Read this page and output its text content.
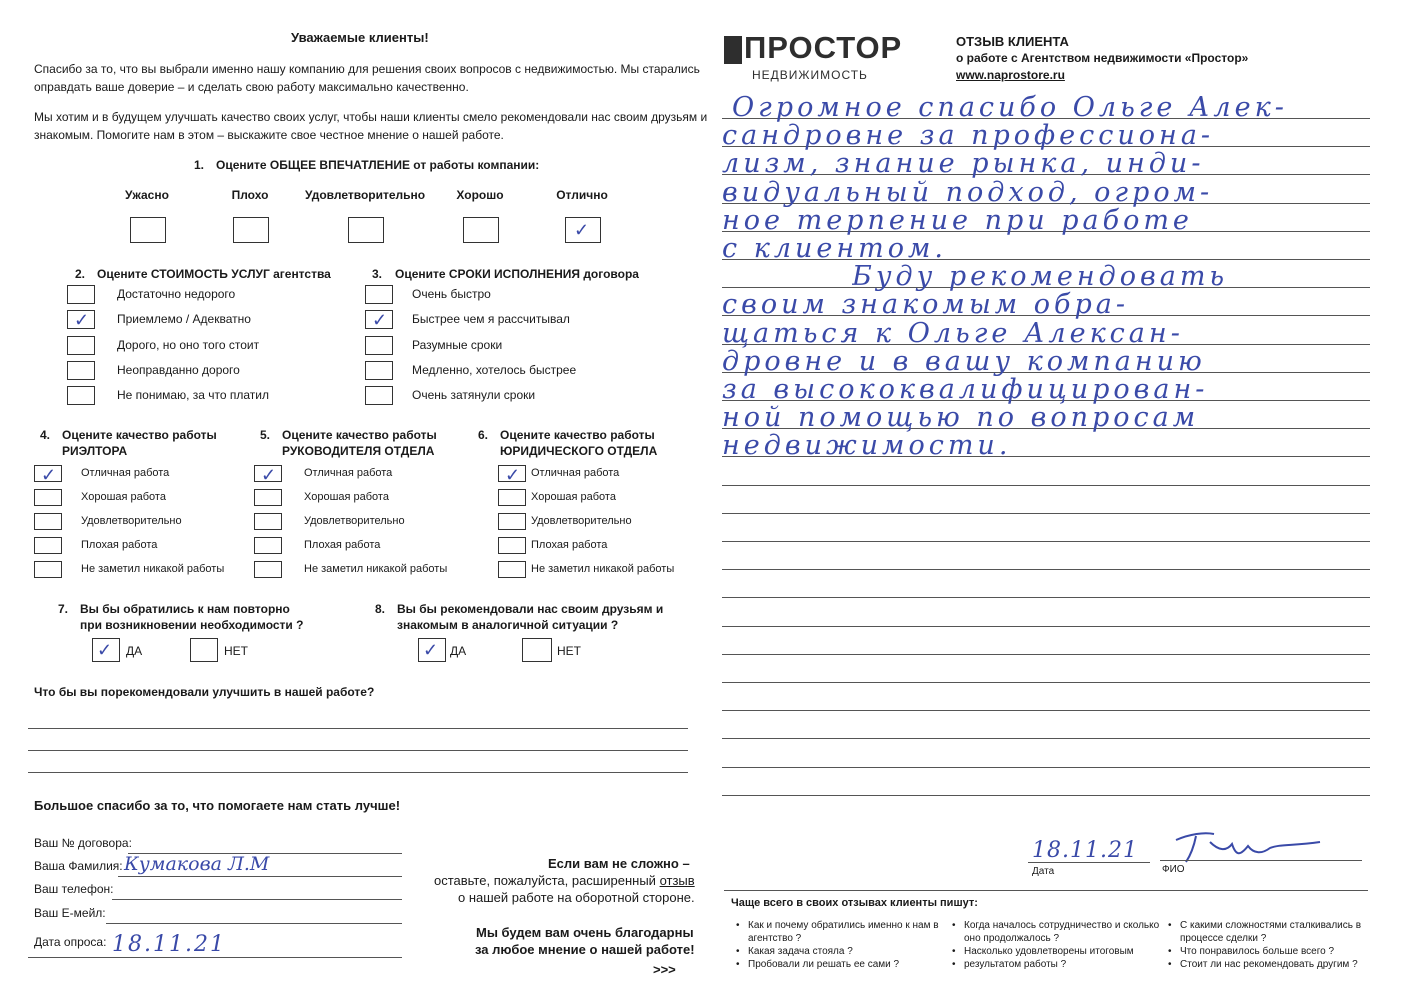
Уважаемые клиенты!
Спасибо за то, что вы выбрали именно нашу компанию для решения своих вопросов с недвижимостью. Мы старались
оправдать ваше доверие – и сделать свою работу максимально качественно.
Мы хотим и в будущем улучшать качество своих услуг, чтобы наши клиенты смело рекомендовали нас своим друзьям и
знакомым. Помогите нам в этом – выскажите свое честное мнение о нашей работе.
1. Оцените ОБЩЕЕ ВПЕЧАТЛЕНИЕ от работы компании:
Ужасно	Плохо	Удовлетворительно	Хорошо	Отлично
✓
2. Оцените СТОИМОСТЬ УСЛУГ агентства
Достаточно недорого
✓ Приемлемо / Адекватно
Дорого, но оно того стоит
Неоправданно дорого
Не понимаю, за что платил
3. Оцените СРОКИ ИСПОЛНЕНИЯ договора
Очень быстро
✓ Быстрее чем я рассчитывал
Разумные сроки
Медленно, хотелось быстрее
Очень затянули сроки
4. Оцените качество работы
РИЭЛТОРА
✓ Отличная работа
Хорошая работа
Удовлетворительно
Плохая работа
Не заметил никакой работы
5. Оцените качество работы
РУКОВОДИТЕЛЯ ОТДЕЛА
✓	Отличная работа
Хорошая работа
Удовлетворительно
Плохая работа
Не заметил никакой работы
6. Оцените качество работы
ЮРИДИЧЕСКОГО ОТДЕЛА
✓ Отличная работа
Хорошая работа
Удовлетворительно
Плохая работа
Не заметил никакой работы
7. Вы бы обратились к нам повторно
при возникновении необходимости ?
✓ ДА	НЕТ
8. Вы бы рекомендовали нас своим друзьям и
знакомым в аналогичной ситуации ?
✓ ДА	НЕТ
Что бы вы порекомендовали улучшить в нашей работе?
Большое спасибо за то, что помогаете нам стать лучше!
Ваш № договора:
Ваша Фамилия: Кумакова Л.М
Ваш телефон:
Ваш Е-мейл:
Дата опроса: 18.11.21
Если вам не сложно –
оставьте, пожалуйста, расширенный отзыв
о нашей работе на оборотной стороне.
Мы будем вам очень благодарны
за любое мнение о нашей работе!
>>>
ПРОСТОР
НЕДВИЖИМОСТЬ
ОТЗЫВ КЛИЕНТА
о работе с Агентством недвижимости «Простор»
www.naprostore.ru
Огромное спасибо Ольге Алек-
сандровне за профессиона-
лизм, знание рынка, инди-
видуальный подход, огром-
ное терпение при работе
с клиентом.
Буду рекомендовать
своим знакомым обра-
щаться к Ольге Алексан-
дровне и в вашу компанию
за высококвалифицирован-
ной помощью по вопросам
недвижимости.
18.11.21
Дата	ФИО
Чаще всего в своих отзывах клиенты пишут:
• Как и почему обратились именно к нам в
агентство ?
• Какая задача стояла ?
• Пробовали ли решать ее сами ?
• Когда началось сотрудничество и сколько
оно продолжалось ?
• Насколько удовлетворены итоговым
• результатом работы ?
• С какими сложностями сталкивались в
процессе сделки ?
• Что понравилось больше всего ?
• Стоит ли нас рекомендовать другим ?
